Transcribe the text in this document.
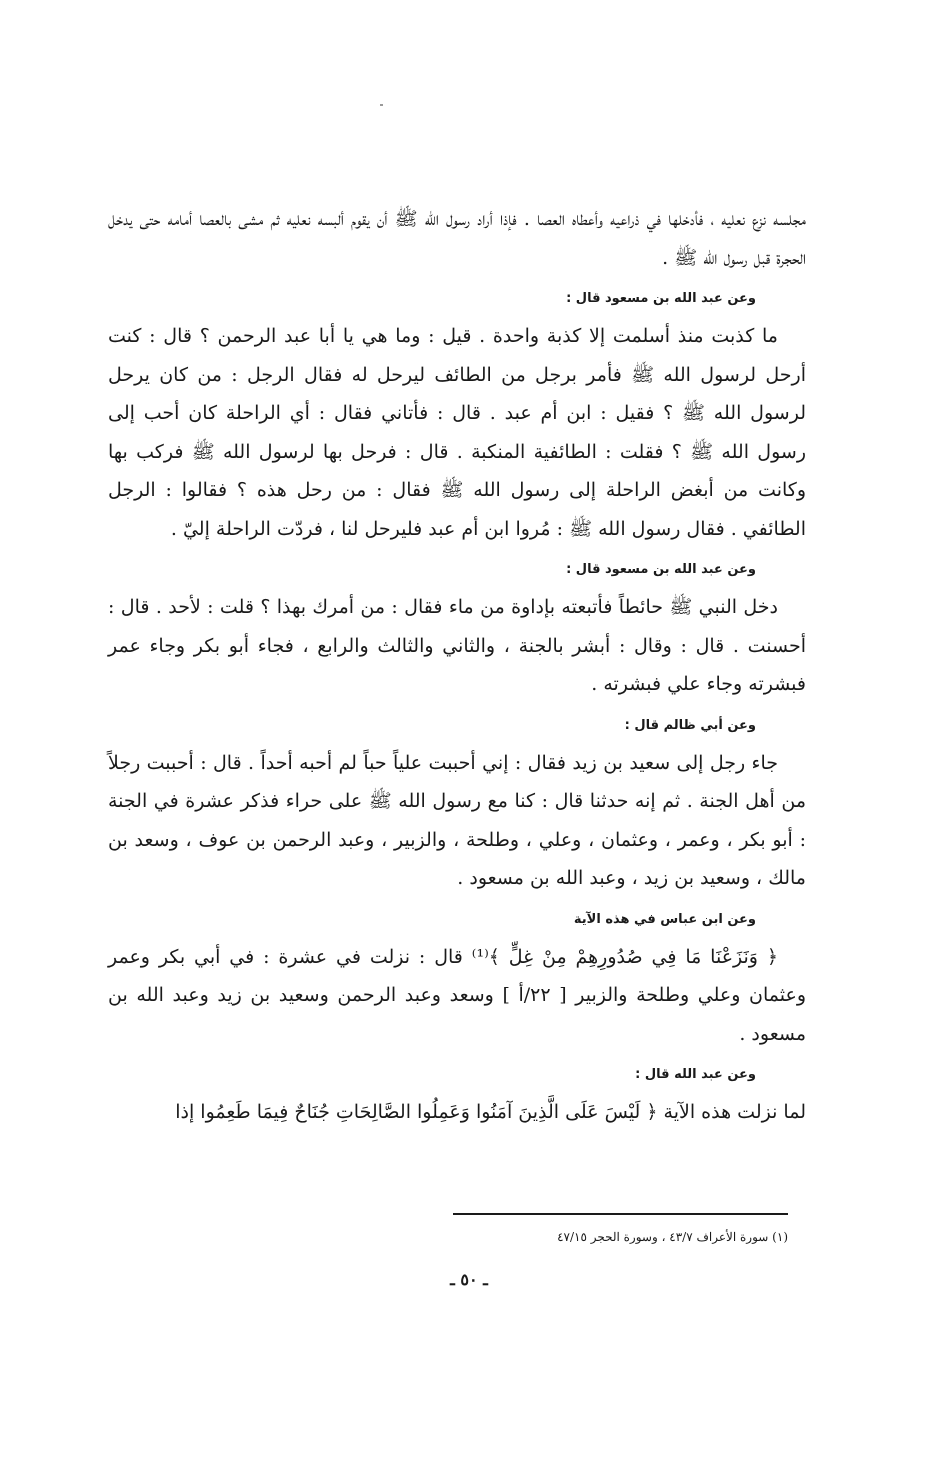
مجلسه نزع نعليه ، فأدخلها في ذراعيه وأعطاه العصا . فإذا أراد رسول الله ﷺ أن يقوم ألبسه نعليه ثم مشى بالعصا أمامه حتى يدخل الحجرة قبل رسول الله ﷺ .

وعن عبد الله بن مسعود قال :

ما كذبت منذ أسلمت إلا كذبة واحدة . قيل : وما هي يا أبا عبد الرحمن ؟ قال : كنت أرحل لرسول الله ﷺ فأمر برجل من الطائف ليرحل له فقال الرجل : من كان يرحل لرسول الله ﷺ ؟ فقيل : ابن أم عبد . قال : فأتاني فقال : أي الراحلة كان أحب إلى رسول الله ﷺ ؟ فقلت : الطائفية المنكبة . قال : فرحل بها لرسول الله ﷺ فركب بها وكانت من أبغض الراحلة إلى رسول الله ﷺ فقال : من رحل هذه ؟ فقالوا : الرجل الطائفي . فقال رسول الله ﷺ : مُروا ابن أم عبد فليرحل لنا ، فردّت الراحلة إليّ .

وعن عبد الله بن مسعود قال :

دخل النبي ﷺ حائطاً فأتبعته بإداوة من ماء فقال : من أمرك بهذا ؟ قلت : لأحد . قال : أحسنت . قال : وقال : أبشر بالجنة ، والثاني والثالث والرابع ، فجاء أبو بكر وجاء عمر فبشرته وجاء علي فبشرته .

وعن أبي ظالم قال :

جاء رجل إلى سعيد بن زيد فقال : إني أحببت علياً حباً لم أحبه أحداً . قال : أحببت رجلاً من أهل الجنة . ثم إنه حدثنا قال : كنا مع رسول الله ﷺ على حراء فذكر عشرة في الجنة : أبو بكر ، وعمر ، وعثمان ، وعلي ، وطلحة ، والزبير ، وعبد الرحمن بن عوف ، وسعد بن مالك ، وسعيد بن زيد ، وعبد الله بن مسعود .

وعن ابن عباس في هذه الآية

﴿ وَنَزَعْنَا مَا فِي صُدُورِهِمْ مِنْ غِلٍّ ﴾⁽¹⁾ قال : نزلت في عشرة : في أبي بكر وعمر وعثمان وعلي وطلحة والزبير [ ٢٢/أ ] وسعد وعبد الرحمن وسعيد بن زيد وعبد الله بن مسعود .

وعن عبد الله قال :

لما نزلت هذه الآية ﴿ لَيْسَ عَلَى الَّذِينَ آمَنُوا وَعَمِلُوا الصَّالِحَاتِ جُنَاحٌ فِيمَا طَعِمُوا إذا

(١) سورة الأعراف ٤٣/٧ ، وسورة الحجر ٤٧/١٥

ـ ٥٠ ـ
